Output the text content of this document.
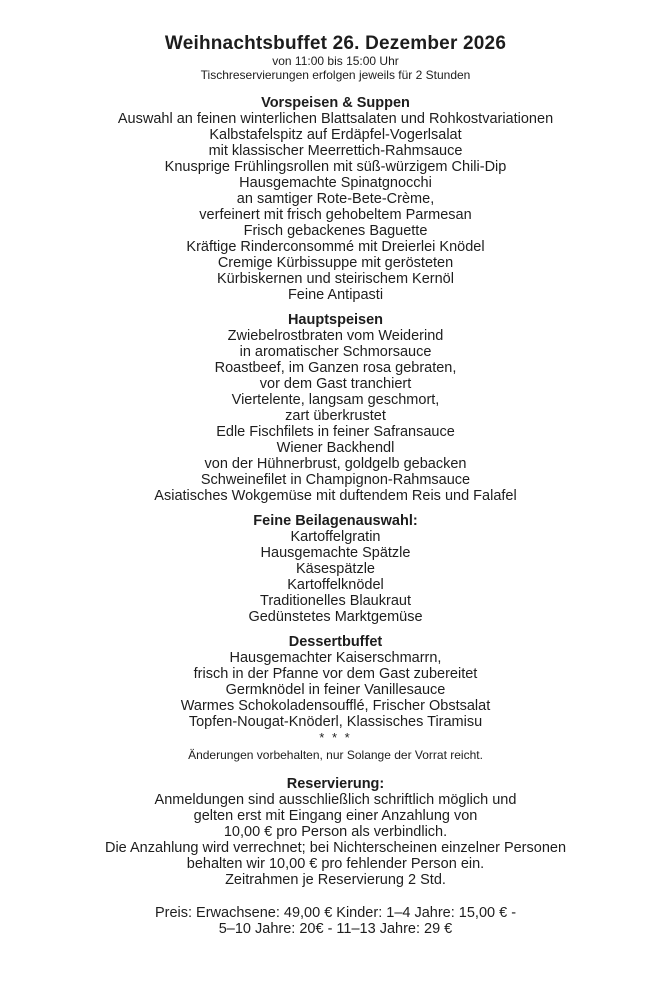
Weihnachtsbuffet 26. Dezember 2026

von 11:00 bis 15:00 Uhr

Tischreservierungen erfolgen jeweils für 2 Stunden

Vorspeisen & Suppen

Auswahl an feinen winterlichen Blattsalaten und Rohkostvariationen

Kalbstafelspitz auf Erdäpfel-Vogerlsalat

mit klassischer Meerrettich-Rahmsauce

Knusprige Frühlingsrollen mit süß-würzigem Chili-Dip

Hausgemachte Spinatgnocchi

an samtiger Rote-Bete-Crème,

verfeinert mit frisch gehobeltem Parmesan

Frisch gebackenes Baguette

Kräftige Rinderconsommé mit Dreierlei Knödel

Cremige Kürbissuppe mit gerösteten

Kürbiskernen und steirischem Kernöl

Feine Antipasti

Hauptspeisen

Zwiebelrostbraten vom Weiderind

in aromatischer Schmorsauce

Roastbeef, im Ganzen rosa gebraten,

vor dem Gast tranchiert

Viertelente, langsam geschmort,

zart überkrustet

Edle Fischfilets in feiner Safransauce

Wiener Backhendl

von der Hühnerbrust, goldgelb gebacken

Schweinefilet in Champignon-Rahmsauce

Asiatisches Wokgemüse mit duftendem Reis und Falafel

Feine Beilagenauswahl:

Kartoffelgratin

Hausgemachte Spätzle

Käsespätzle

Kartoffelknödel

Traditionelles Blaukraut

Gedünstetes Marktgemüse

Dessertbuffet

Hausgemachter Kaiserschmarrn,

frisch in der Pfanne vor dem Gast zubereitet

Germknödel in feiner Vanillesauce

Warmes Schokoladensoufflé, Frischer Obstsalat

Topfen-Nougat-Knöderl, Klassisches Tiramisu

* * *

Änderungen vorbehalten, nur Solange der Vorrat reicht.

Reservierung:

Anmeldungen sind ausschließlich schriftlich möglich und

gelten erst mit Eingang einer Anzahlung von

10,00 € pro Person als verbindlich.

Die Anzahlung wird verrechnet; bei Nichterscheinen einzelner Personen

behalten wir 10,00 € pro fehlender Person ein.

Zeitrahmen je Reservierung 2 Std.

Preis: Erwachsene: 49,00 € Kinder: 1–4 Jahre: 15,00 € -

5–10 Jahre: 20€ - 11–13 Jahre: 29 €
